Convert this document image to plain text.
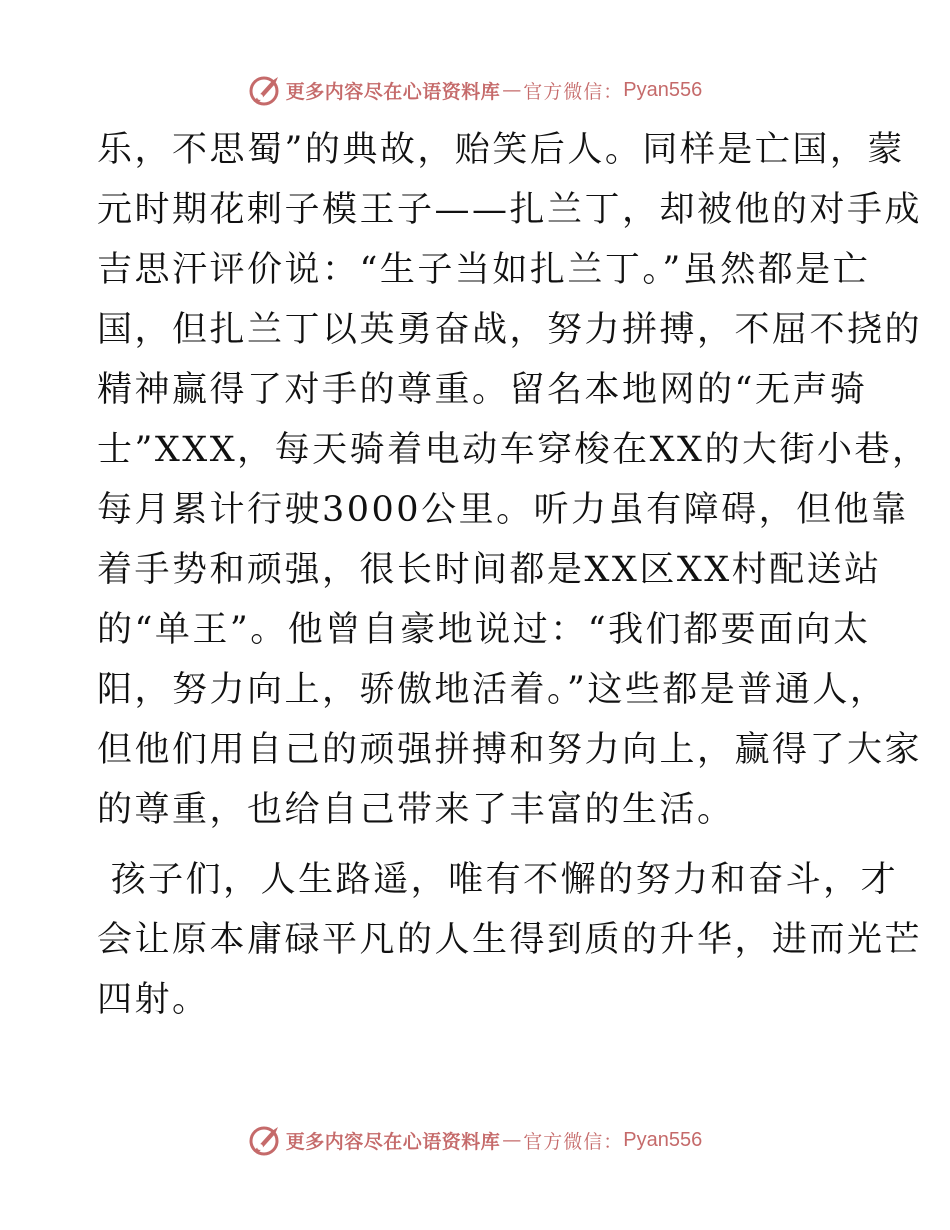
更多内容尽在心语资料库 — 官方微信： Pyan556
乐，不思蜀”的典故，贻笑后人。同样是亡国，蒙
元时期花剌子模王子——扎兰丁，却被他的对手成
吉思汗评价说：“生子当如扎兰丁。”虽然都是亡
国，但扎兰丁以英勇奋战，努力拼搏，不屈不挠的
精神赢得了对手的尊重。留名本地网的“无声骑
士”XXX，每天骑着电动车穿梭在XX的大街小巷，
每月累计行驶3000公里。听力虽有障碍，但他靠
着手势和顽强，很长时间都是XX区XX村配送站
的“单王”。他曾自豪地说过：“我们都要面向太
阳，努力向上，骄傲地活着。”这些都是普通人，
但他们用自己的顽强拼搏和努力向上，赢得了大家
的尊重，也给自己带来了丰富的生活。
孩子们，人生路遥，唯有不懈的努力和奋斗，才
会让原本庸碌平凡的人生得到质的升华，进而光芒
四射。
更多内容尽在心语资料库 — 官方微信： Pyan556
